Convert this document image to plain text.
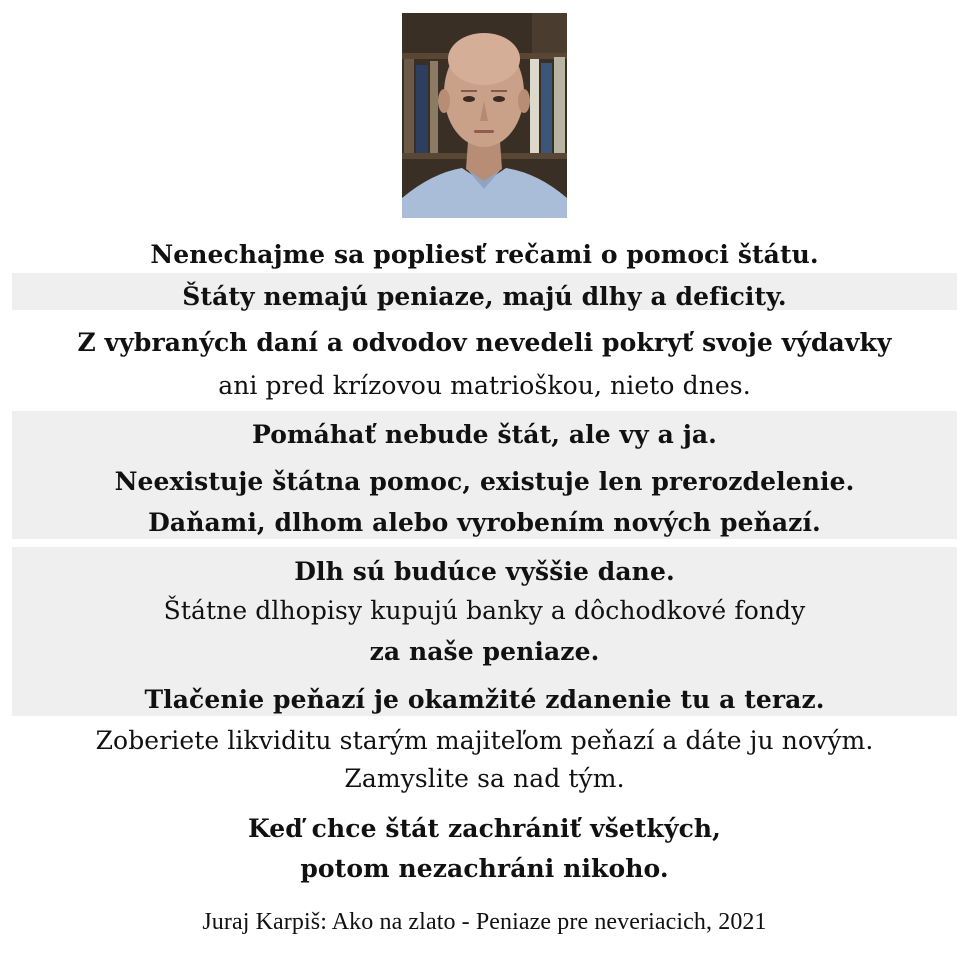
Nenechajme sa popliesť rečami o pomoci štátu.
Štáty nemajú peniaze, majú dlhy a deficity.
Z vybraných daní a odvodov nevedeli pokryť svoje výdavky
ani pred krízovou matrioškou, nieto dnes.
Pomáhať nebude štát, ale vy a ja.
Neexistuje štátna pomoc, existuje len prerozdelenie.
Daňami, dlhom alebo vyrobením nových peňazí.
Dlh sú budúce vyššie dane.
Štátne dlhopisy kupujú banky a dôchodkové fondy
za naše peniaze.
Tlačenie peňazí je okamžité zdanenie tu a teraz.
Zoberiete likviditu starým majiteľom peňazí a dáte ju novým.
Zamyslite sa nad tým.
Keď chce štát zachrániť všetkých,
potom nezachráni nikoho.
Juraj Karpiš: Ako na zlato - Peniaze pre neveriacich, 2021
